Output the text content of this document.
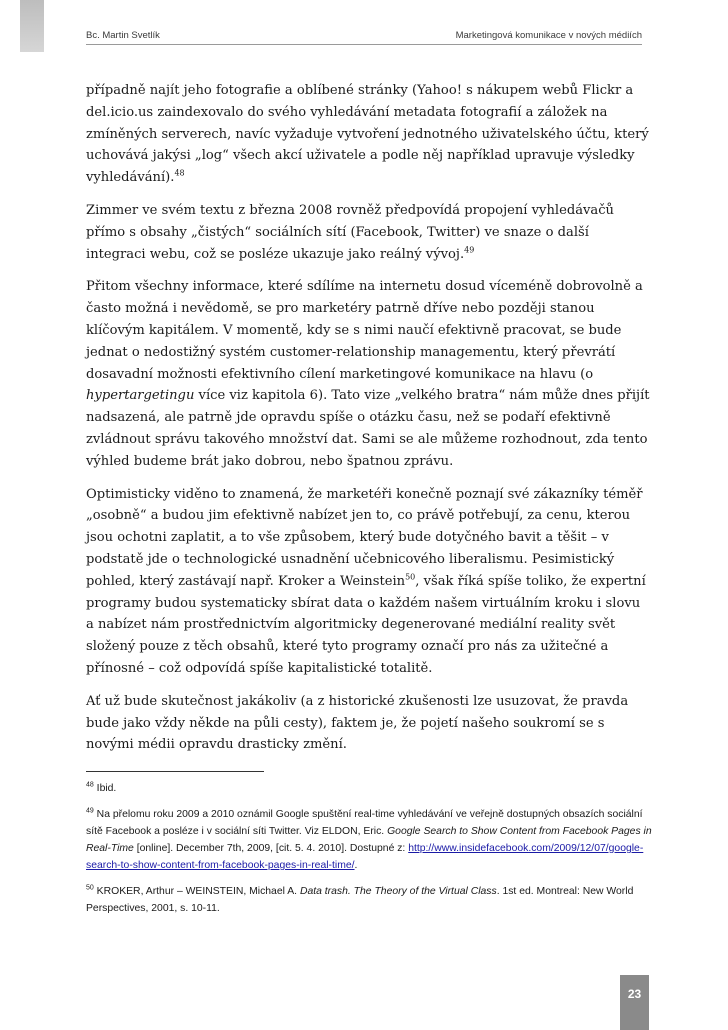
Bc. Martin Svetlík	Marketingová komunikace v nových médiích

případně najít jeho fotografie a oblíbené stránky (Yahoo! s nákupem webů Flickr a del.icio.us zaindexovalo do svého vyhledávání metadata fotografií a záložek na zmíněných serverech, navíc vyžaduje vytvoření jednotného uživatelského účtu, který uchovává jakýsi „log“ všech akcí uživatele a podle něj například upravuje výsledky vyhledávání).$^{48}$

Zimmer ve svém textu z března 2008 rovněž předpovídá propojení vyhledávačů přímo s obsahy „čistých“ sociálních sítí (Facebook, Twitter) ve snaze o další integraci webu, což se posléze ukazuje jako reálný vývoj.$^{49}$

Přitom všechny informace, které sdílíme na internetu dosud víceméně dobrovolně a často možná i nevědomě, se pro marketéry patrně dříve nebo později stanou klíčovým kapitálem. V momentě, kdy se s nimi naučí efektivně pracovat, se bude jednat o nedostižný systém customer-relationship managementu, který převrátí dosavadní možnosti efektivního cílení marketingové komunikace na hlavu (o hypertargetingu více viz kapitola 6). Tato vize „velkého bratra“ nám může dnes přijít nadsazená, ale patrně jde opravdu spíše o otázku času, než se podaří efektivně zvládnout správu takového množství dat. Sami se ale můžeme rozhodnout, zda tento výhled budeme brát jako dobrou, nebo špatnou zprávu.

Optimisticky viděno to znamená, že marketéři konečně poznají své zákazníky téměř „osobně“ a budou jim efektivně nabízet jen to, co právě potřebují, za cenu, kterou jsou ochotni zaplatit, a to vše způsobem, který bude dotyčného bavit a těšit – v podstatě jde o technologické usnadnění učebnicového liberalismu. Pesimistický pohled, který zastávají např. Kroker a Weinstein$^{50}$, však říká spíše toliko, že expertní programy budou systematicky sbírat data o každém našem virtuálním kroku i slovu a nabízet nám prostřednictvím algoritmicky degenerované mediální reality svět složený pouze z těch obsahů, které tyto programy označí pro nás za užitečné a přínosné – což odpovídá spíše kapitalistické totalitě.

Ať už bude skutečnost jakákoliv (a z historické zkušenosti lze usuzovat, že pravda bude jako vždy někde na půli cesty), faktem je, že pojetí našeho soukromí se s novými médii opravdu drasticky změní.

$^{48}$ Ibid.
$^{49}$ Na přelomu roku 2009 a 2010 oznámil Google spuštění real-time vyhledávání ve veřejně dostupných obsazích sociální sítě Facebook a posléze i v sociální síti Twitter. Viz ELDON, Eric. Google Search to Show Content from Facebook Pages in Real-Time [online]. December 7th, 2009, [cit. 5. 4. 2010]. Dostupné z: http://www.insidefacebook.com/2009/12/07/google-search-to-show-content-from-facebook-pages-in-real-time/.
$^{50}$ KROKER, Arthur – WEINSTEIN, Michael A. Data trash. The Theory of the Virtual Class. 1st ed. Montreal: New World Perspectives, 2001, s. 10-11.
23
